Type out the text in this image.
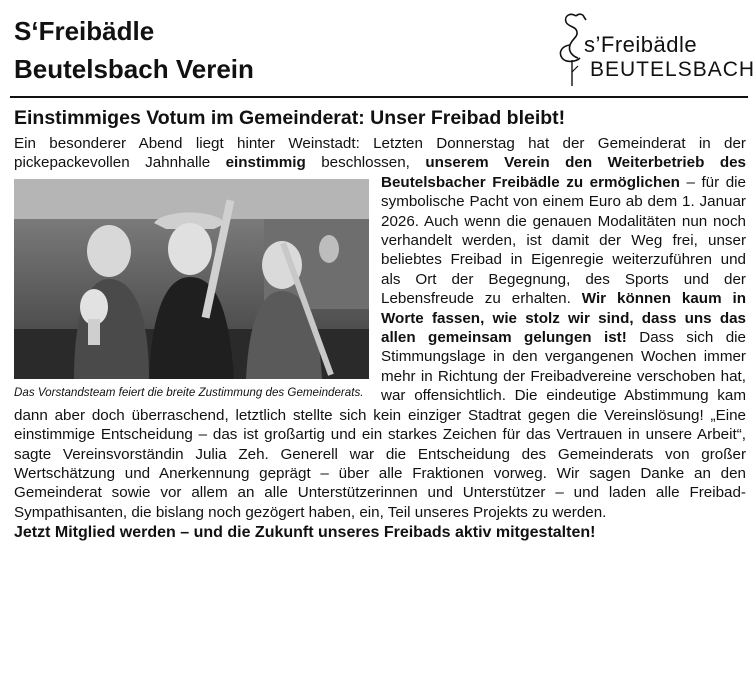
S‘Freibädle
Beutelsbach Verein
s’Freibädle
BEUTELSBACH
Einstimmiges Votum im Gemeinderat: Unser Freibad bleibt!

Ein besonderer Abend liegt hinter Weinstadt: Letzten Donnerstag hat der Gemeinderat in der pickepackevollen Jahnhalle einstimmig beschlossen, unserem Verein den Weiterbetrieb des Beutelsbacher Freibädle zu ermöglichen
Das Vorstandsteam feiert die breite Zustimmung des Gemeinderats.
– für die symbolische Pacht von einem Euro ab dem 1. Januar 2026. Auch wenn die genauen Modalitäten nun noch verhandelt werden, ist damit der Weg frei, unser beliebtes Freibad in Eigenregie weiterzuführen und als Ort der Begegnung, des Sports und der Lebensfreude zu erhalten. Wir können kaum in Worte fassen, wie stolz wir sind, dass uns das allen gemeinsam gelungen ist! Dass sich die Stimmungslage in den vergangenen Wochen immer mehr in Richtung der Freibadvereine verschoben hat, war offensichtlich. Die eindeutige Abstimmung kam dann aber doch überraschend, letztlich stellte sich kein einziger Stadtrat gegen die Vereinslösung! „Eine einstimmige Entscheidung – das ist großartig und ein starkes Zeichen für das Vertrauen in unsere Arbeit“, sagte Vereinsvorständin Julia Zeh. Generell war die Entscheidung des Gemeinderats von großer Wertschätzung und Anerkennung geprägt – über alle Fraktionen vorweg. Wir sagen Danke an den Gemeinderat sowie vor allem an alle Unterstützerinnen und Unterstützer – und laden alle Freibad-Sympathisanten, die bislang noch gezögert haben, ein, Teil unseres Projekts zu werden.

Jetzt Mitglied werden – und die Zukunft unseres Freibads aktiv mitgestalten!
